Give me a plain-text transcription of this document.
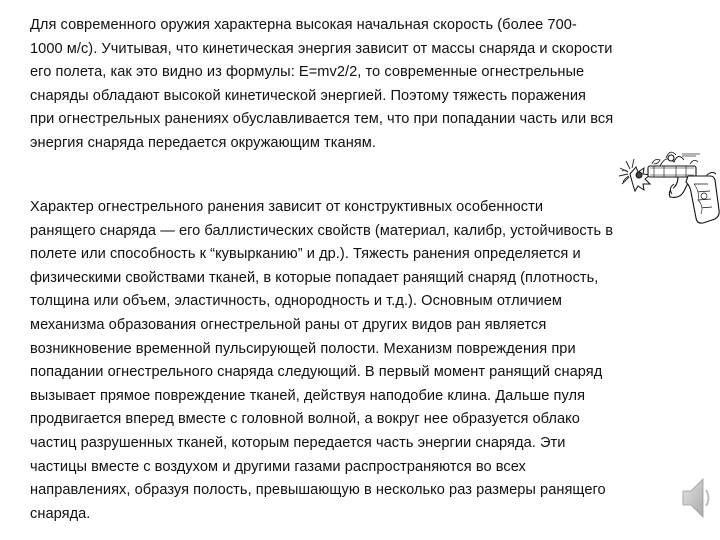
Для современного оружия характерна высокая начальная скорость (более 700-
1000 м/с). Учитывая, что кинетическая энергия зависит от массы снаряда и скорости
его полета, как это видно из формулы: E=mv2/2, то современные огнестрельные
снаряды обладают высокой кинетической энергией. Поэтому тяжесть поражения
при огнестрельных ранениях обуславливается тем, что при попадании часть или вся
энергия снаряда передается окружающим тканям.

Характер огнестрельного ранения зависит от конструктивных особенности
ранящего снаряда — его баллистических свойств (материал, калибр, устойчивость в
полете или способность к “кувырканию” и др.). Тяжесть ранения определяется и
физическими свойствами тканей, в которые попадает ранящий снаряд (плотность,
толщина или объем, эластичность, однородность и т.д.). Основным отличием
механизма образования огнестрельной раны от других видов ран является
возникновение временной пульсирующей полости. Механизм повреждения при
попадании огнестрельного снаряда следующий. В первый момент ранящий снаряд
вызывает прямое повреждение тканей, действуя наподобие клина. Дальше пуля
продвигается вперед вместе с головной волной, а вокруг нее образуется облако
частиц разрушенных тканей, которым передается часть энергии снаряда. Эти
частицы вместе с воздухом и другими газами распространяются во всех
направлениях, образуя полость, превышающую в несколько раз размеры ранящего
снаряда.
